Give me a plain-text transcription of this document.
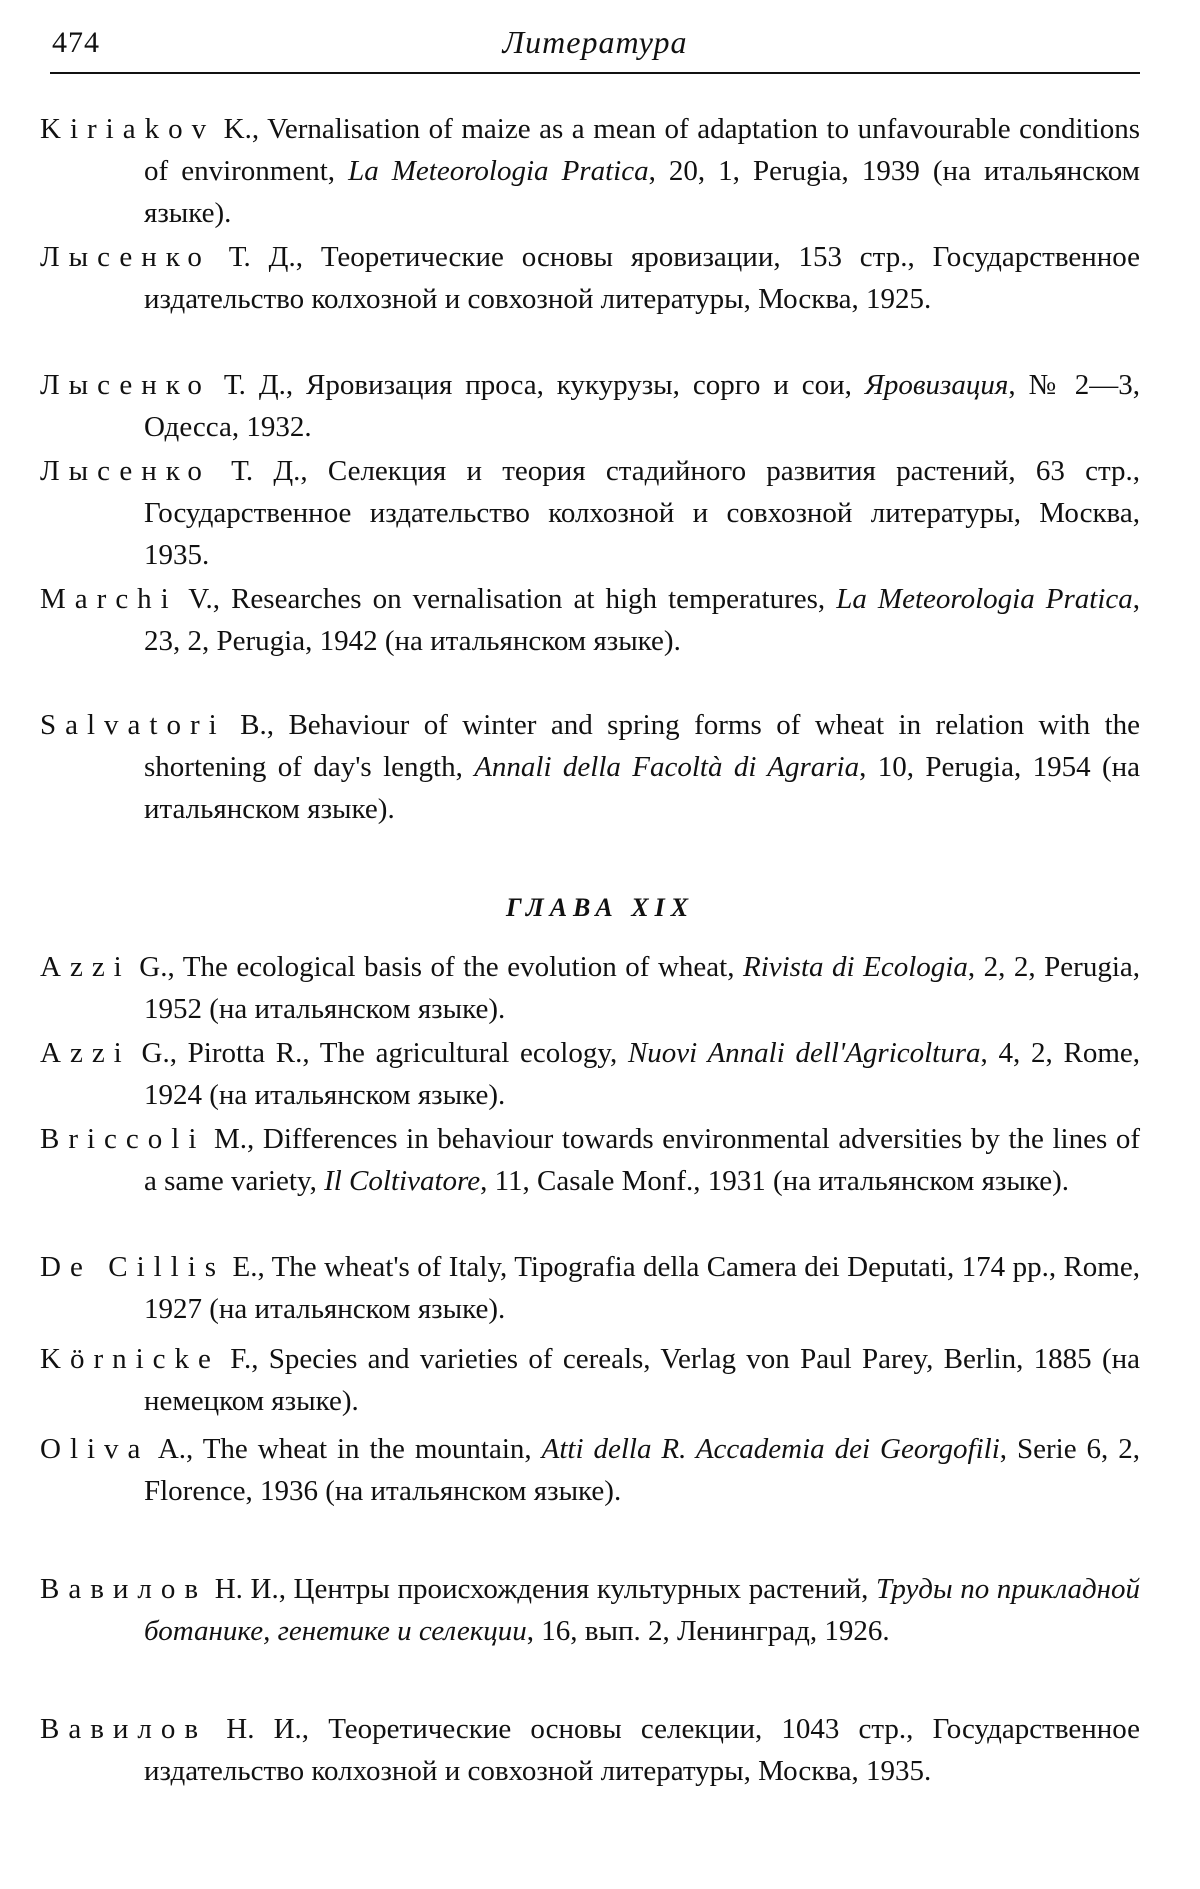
474	Литература
Kiriakov K., Vernalisation of maize as a mean of adaptation to unfavourable conditions of environment, La Meteorologia Pratica, 20, 1, Perugia, 1939 (на итальянском языке).
Лысенко Т. Д., Теоретические основы яровизации, 153 стр., Государственное издательство колхозной и совхозной литературы, Москва, 1925.
Лысенко Т. Д., Яровизация проса, кукурузы, сорго и сои, Яровизация, № 2—3, Одесса, 1932.
Лысенко Т. Д., Селекция и теория стадийного развития растений, 63 стр., Государственное издательство колхозной и совхозной литературы, Москва, 1935.
Marchi V., Researches on vernalisation at high temperatures, La Meteorologia Pratica, 23, 2, Perugia, 1942 (на итальянском языке).
Salvatori B., Behaviour of winter and spring forms of wheat in relation with the shortening of day's length, Annali della Facoltà di Agraria, 10, Perugia, 1954 (на итальянском языке).
ГЛАВА XIX
Azzi G., The ecological basis of the evolution of wheat, Rivista di Ecologia, 2, 2, Perugia, 1952 (на итальянском языке).
Azzi G., Pirotta R., The agricultural ecology, Nuovi Annali dell'Agricoltura, 4, 2, Rome, 1924 (на итальянском языке).
Briccoli M., Differences in behaviour towards environmental adversities by the lines of a same variety, Il Coltivatore, 11, Casale Monf., 1931 (на итальянском языке).
De Cillis E., The wheat's of Italy, Tipografia della Camera dei Deputati, 174 pp., Rome, 1927 (на итальянском языке).
Körnicke F., Species and varieties of cereals, Verlag von Paul Parey, Berlin, 1885 (на немецком языке).
Oliva A., The wheat in the mountain, Atti della R. Accademia dei Georgofili, Serie 6, 2, Florence, 1936 (на итальянском языке).
Вавилов Н. И., Центры происхождения культурных растений, Труды по прикладной ботанике, генетике и селекции, 16, вып. 2, Ленинград, 1926.
Вавилов Н. И., Теоретические основы селекции, 1043 стр., Государственное издательство колхозной и совхозной литературы, Москва, 1935.
